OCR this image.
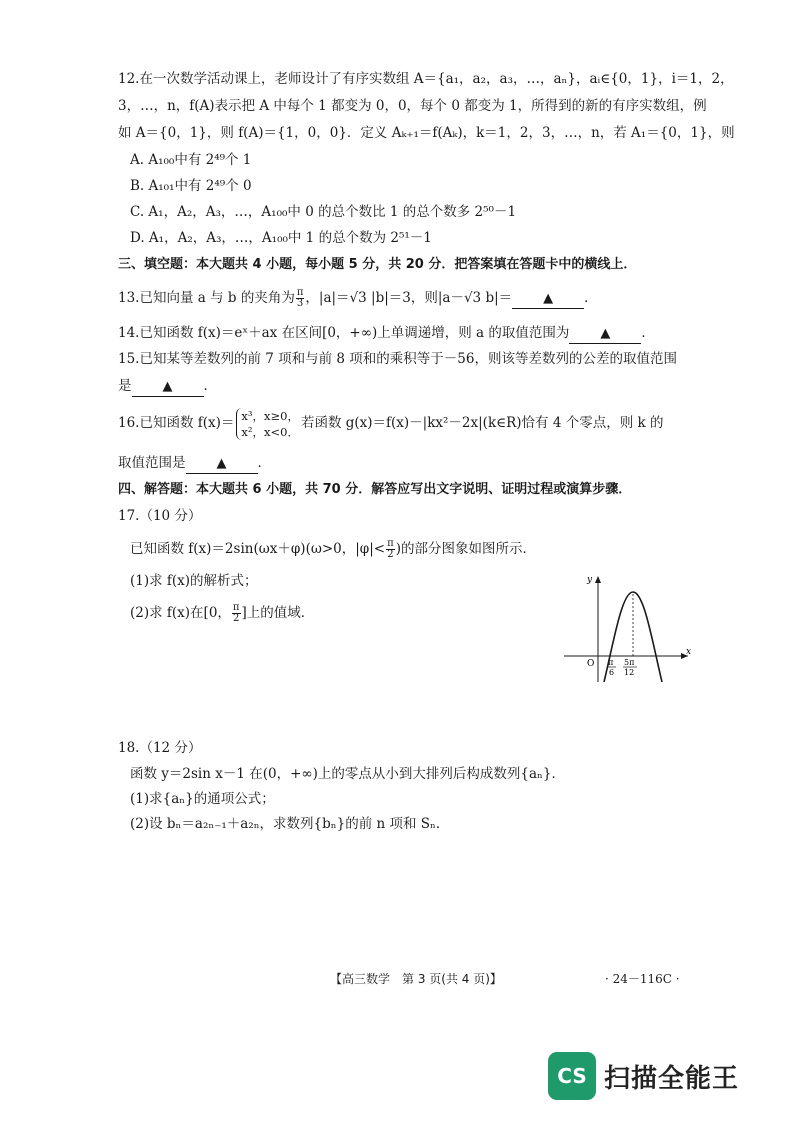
12.在一次数学活动课上，老师设计了有序实数组 A＝{a₁，a₂，a₃，…，aₙ}，aᵢ∈{0，1}，i＝1，2，
3，…，n，f(A)表示把 A 中每个 1 都变为 0，0，每个 0 都变为 1，所得到的新的有序实数组，例
如 A＝{0，1}，则 f(A)＝{1，0，0}．定义 Aₖ₊₁＝f(Aₖ)，k＝1，2，3，…，n，若 A₁＝{0，1}，则
A. A₁₀₀中有 2⁴⁹个 1
B. A₁₀₁中有 2⁴⁹个 0
C. A₁，A₂，A₃，…，A₁₀₀中 0 的总个数比 1 的总个数多 2⁵⁰－1
D. A₁，A₂，A₃，…，A₁₀₀中 1 的总个数为 2⁵¹－1
三、填空题：本大题共 4 小题，每小题 5 分，共 20 分．把答案填在答题卡中的横线上．
13.已知向量 a 与 b 的夹角为 $\frac{\pi}{3}$ ，|a|＝√3 |b|＝3，则|a－√3 b|＝ ▲ ．
14.已知函数 f(x)＝eˣ＋ax 在区间[0，+∞)上单调递增，则 a 的取值范围为 ▲ ．
15.已知某等差数列的前 7 项和与前 8 项和的乘积等于－56，则该等差数列的公差的取值范围
是 ▲ ．
16.已知函数 f(x)＝ x³，x≥0，
x²，x<0．
若函数 g(x)＝f(x)－|kx²－2x|(k∈R)恰有 4 个零点，则 k 的
取值范围是 ▲ ．
四、解答题：本大题共 6 小题，共 70 分．解答应写出文字说明、证明过程或演算步骤．
17.（10 分）
已知函数 f(x)＝2sin(ωx＋φ)(ω>0，$|\varphi|< \frac{\pi}{2}$ )的部分图象如图所示．
(1)求 f(x)的解析式；
(2)求 f(x)在[0， $\frac{\pi}{2}$ ]上的值域．
x
y
O π
6
5π
12
18.（12 分）
函数 y＝2sin x－1 在(0，+∞)上的零点从小到大排列后构成数列{aₙ}．
(1)求{aₙ}的通项公式；
(2)设 bₙ＝a₂ₙ₋₁＋a₂ₙ，求数列{bₙ}的前 n 项和 Sₙ．
【高三数学　第 3 页(共 4 页)】	· 24－116C ·
CS 扫描全能王
